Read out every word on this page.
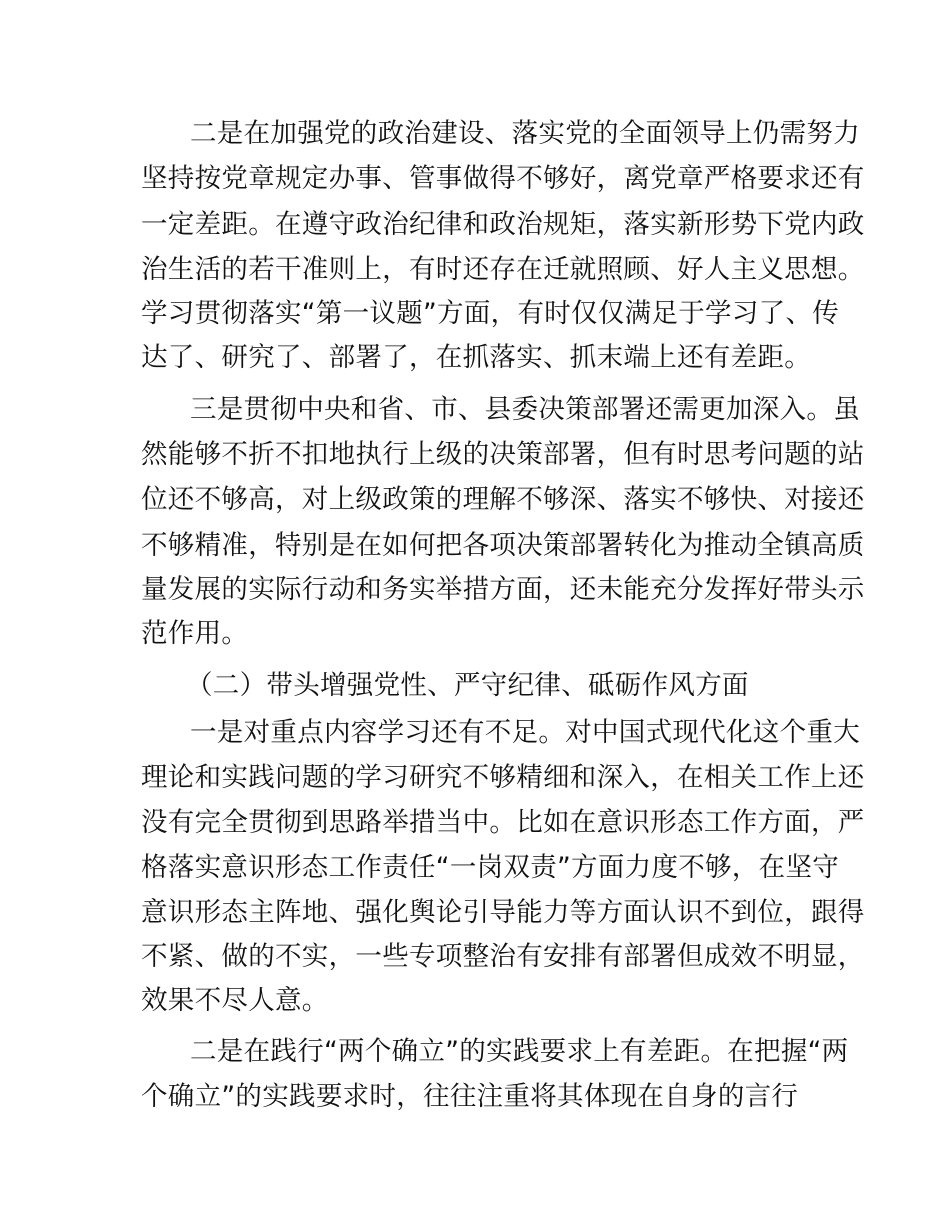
二是在加强党的政治建设、落实党的全面领导上仍需努力
坚持按党章规定办事、管事做得不够好，离党章严格要求还有
一定差距。在遵守政治纪律和政治规矩，落实新形势下党内政
治生活的若干准则上，有时还存在迁就照顾、好人主义思想。
学习贯彻落实“第一议题”方面，有时仅仅满足于学习了、传
达了、研究了、部署了，在抓落实、抓末端上还有差距。
三是贯彻中央和省、市、县委决策部署还需更加深入。虽
然能够不折不扣地执行上级的决策部署，但有时思考问题的站
位还不够高，对上级政策的理解不够深、落实不够快、对接还
不够精准，特别是在如何把各项决策部署转化为推动全镇高质
量发展的实际行动和务实举措方面，还未能充分发挥好带头示
范作用。
（二）带头增强党性、严守纪律、砥砺作风方面
一是对重点内容学习还有不足。对中国式现代化这个重大
理论和实践问题的学习研究不够精细和深入，在相关工作上还
没有完全贯彻到思路举措当中。比如在意识形态工作方面，严
格落实意识形态工作责任“一岗双责”方面力度不够，在坚守
意识形态主阵地、强化舆论引导能力等方面认识不到位，跟得
不紧、做的不实，一些专项整治有安排有部署但成效不明显，
效果不尽人意。
二是在践行“两个确立”的实践要求上有差距。在把握“两
个确立”的实践要求时，往往注重将其体现在自身的言行
